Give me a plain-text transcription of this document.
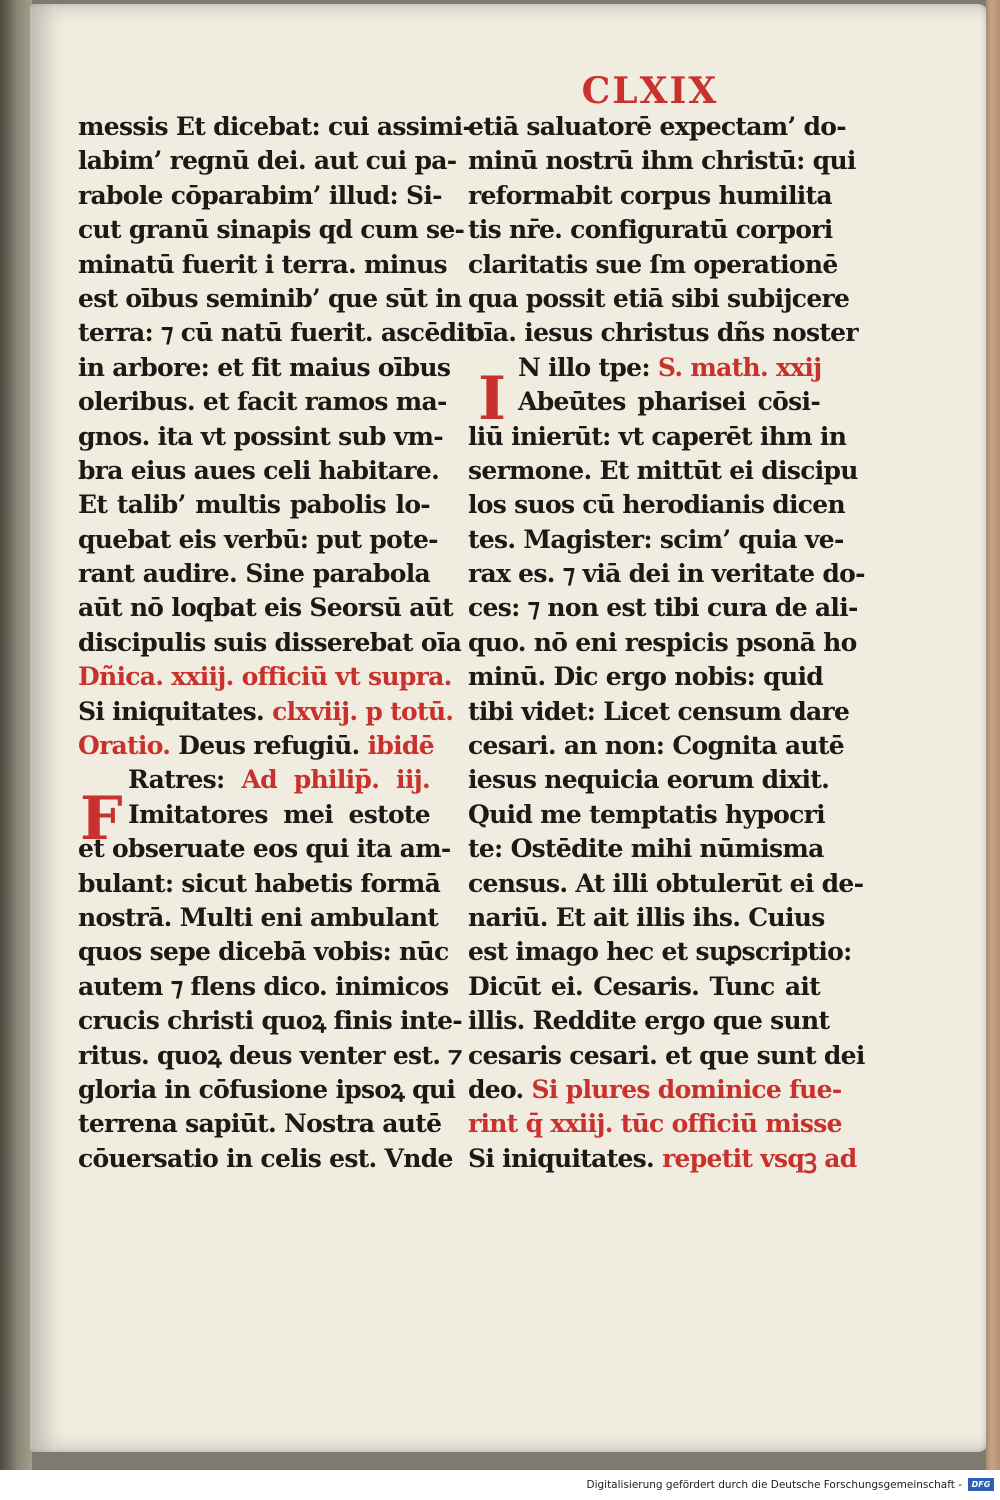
CLXIX
F
I
messis Et dicebat: cui assimi-
labim’ regnū dei. aut cui pa-
rabole cōparabim’ illud: Si-
cut granū sinapis qd cum se-
minatū fuerit i terra. minus
est oībus seminib’ que sūt in
terra: ⁊ cū natū fuerit. ascēdit
in arbore: et fit maius oībus
oleribus. et facit ramos ma-
gnos. ita vt possint sub vm-
bra eius aues celi habitare.
Et talib’ multis pabolis lo-
quebat eis verbū: put pote-
rant audire. Sine parabola
aūt nō loqbat eis Seorsū aūt
discipulis suis disserebat oīa
Dñica. xxiij. officiū vt supra.
Si iniquitates. clxviij. p totū.
Oratio. Deus refugiū. ibidē
Ratres: Ad philip̄. iij.
Imitatores mei estote
et obseruate eos qui ita am-
bulant: sicut habetis formā
nostrā. Multi eni ambulant
quos sepe dicebā vobis: nūc
autem ⁊ flens dico. inimicos
crucis christi quoꝝ finis inte-
ritus. quoꝝ deus venter est. ⁊
gloria in cōfusione ipsoꝝ qui
terrena sapiūt. Nostra autē
cōuersatio in celis est. Vnde
etiā saluatorē expectam’ do-
minū nostrū ihm christū: qui
reformabit corpus humilita
tis nr̄e. configuratū corpori
claritatis sue ſm operationē
qua possit etiā sibi subijcere
oīa. iesus christus dñs noster
N illo tpe: S. math. xxij
Abeūtes pharisei cōsi-
liū inierūt: vt caperēt ihm in
sermone. Et mittūt ei discipu
los suos cū herodianis dicen
tes. Magister: scim’ quia ve-
rax es. ⁊ viā dei in veritate do-
ces: ⁊ non est tibi cura de ali-
quo. nō eni respicis psonā ho
minū. Dic ergo nobis: quid
tibi videt: Licet censum dare
cesari. an non: Cognita autē
iesus nequicia eorum dixit.
Quid me temptatis hypocri
te: Ostēdite mihi nūmisma
census. At illi obtulerūt ei de-
nariū. Et ait illis ihs. Cuius
est imago hec et suꝑscriptio:
Dicūt ei. Cesaris. Tunc ait
illis. Reddite ergo que sunt
cesaris cesari. et que sunt dei
deo. Si plures dominice fue-
rint q̄ xxiij. tūc officiū misse
Si iniquitates. repetit vsqꝫ ad
Digitalisierung gefördert durch die Deutsche Forschungsgemeinschaft -	DFG
